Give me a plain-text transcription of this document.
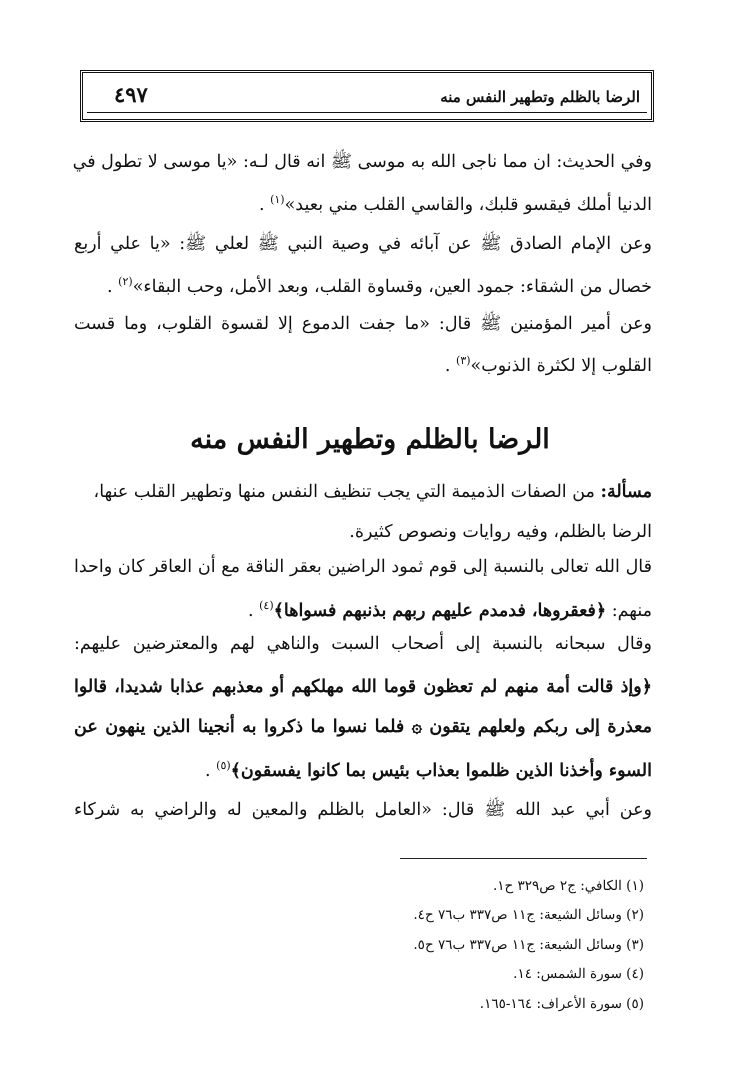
الرضا بالظلم وتطهير النفس منه
٤٩٧
وفي الحديث: ان مما ناجى الله به موسى ﷺ انه قال لـه: «يا موسى لا تطول في
الدنيا أملك فيقسو قلبك، والقاسي القلب مني بعيد»$^{(١)}$ .
وعن الإمام الصادق ﷺ عن آبائه في وصية النبي ﷺ لعلي ﷺ: «يا علي أربع
خصال من الشقاء: جمود العين، وقساوة القلب، وبعد الأمل، وحب البقاء»$^{(٢)}$ .
وعن أمير المؤمنين ﷺ قال: «ما جفت الدموع إلا لقسوة القلوب، وما قست
القلوب إلا لكثرة الذنوب»$^{(٣)}$ .
الرضا بالظلم وتطهير النفس منه
مسألة: من الصفات الذميمة التي يجب تنظيف النفس منها وتطهير القلب عنها،
الرضا بالظلم، وفيه روايات ونصوص كثيرة.
قال الله تعالى بالنسبة إلى قوم ثمود الراضين بعقر الناقة مع أن العاقر كان واحدا
منهم: ﴿فعقروها، فدمدم عليهم ربهم بذنبهم فسواها﴾$^{(٤)}$ .
وقال سبحانه بالنسبة إلى أصحاب السبت والناهي لهم والمعترضين عليهم:
﴿وإذ قالت أمة منهم لم تعظون قوما الله مهلكهم أو معذبهم عذابا شديدا، قالوا
معذرة إلى ربكم ولعلهم يتقون ۞ فلما نسوا ما ذكروا به أنجينا الذين ينهون عن
السوء وأخذنا الذين ظلموا بعذاب بئيس بما كانوا يفسقون﴾$^{(٥)}$ .
وعن أبي عبد الله ﷺ قال: «العامل بالظلم والمعين له والراضي به شركاء
(١) الكافي: ج٢ ص٣٢٩ ح١.
(٢) وسائل الشيعة: ج١١ ص٣٣٧ ب٧٦ ح٤.
(٣) وسائل الشيعة: ج١١ ص٣٣٧ ب٧٦ ح٥.
(٤) سورة الشمس: ١٤.
(٥) سورة الأعراف: ١٦٤-١٦٥.
